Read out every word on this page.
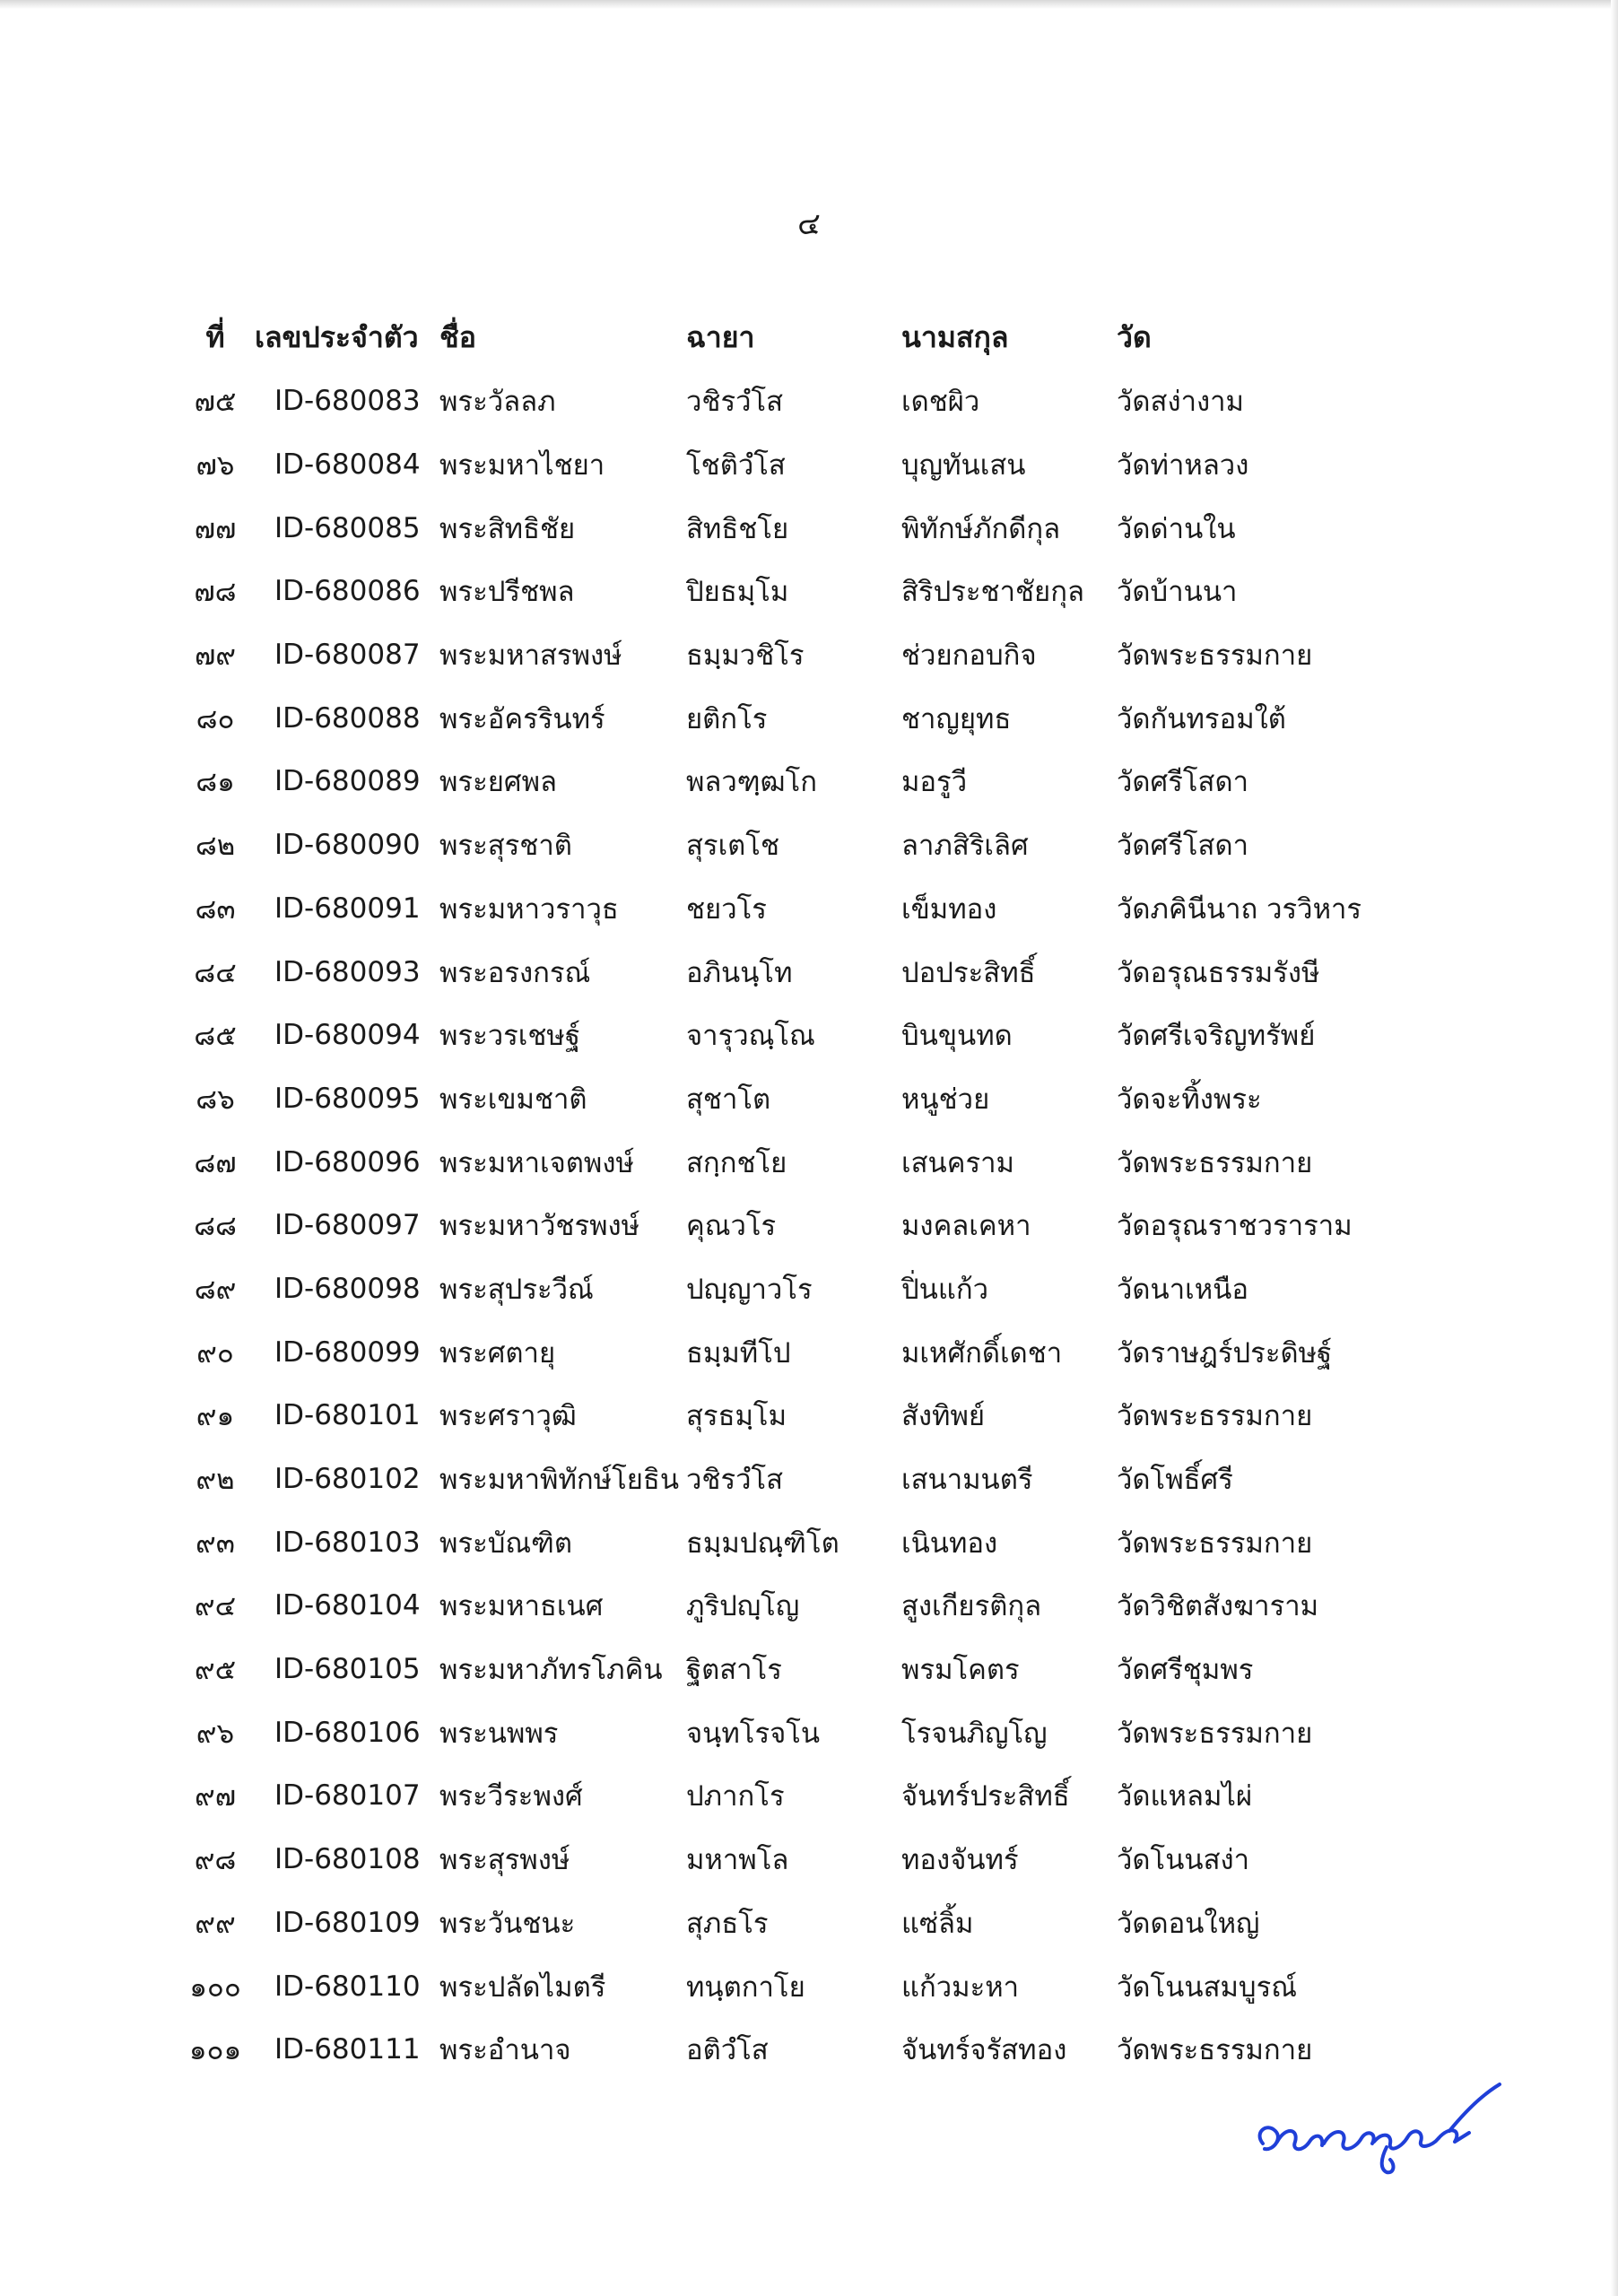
๔
ที่	เลขประจำตัว	ชื่อ	ฉายา	นามสกุล	วัด
๗๕	ID-680083	พระวัลลภ	วชิรวํโส	เดชผิว	วัดสง่างาม
๗๖	ID-680084	พระมหาไชยา	โชติวํโส	บุญทันเสน	วัดท่าหลวง
๗๗	ID-680085	พระสิทธิชัย	สิทธิชโย	พิทักษ์ภักดีกุล	วัดด่านใน
๗๘	ID-680086	พระปรีชพล	ปิยธมฺโม	สิริประชาชัยกุล	วัดบ้านนา
๗๙	ID-680087	พระมหาสรพงษ์	ธมฺมวชิโร	ช่วยกอบกิจ	วัดพระธรรมกาย
๘๐	ID-680088	พระอัครรินทร์	ยติกโร	ชาญยุทธ	วัดกันทรอมใต้
๘๑	ID-680089	พระยศพล	พลวฑฺฒโก	มอรูวี	วัดศรีโสดา
๘๒	ID-680090	พระสุรชาติ	สุรเตโช	ลาภสิริเลิศ	วัดศรีโสดา
๘๓	ID-680091	พระมหาวราวุธ	ชยวโร	เข็มทอง	วัดภคินีนาถ วรวิหาร
๘๔	ID-680093	พระอรงกรณ์	อภินนฺโท	ปอประสิทธิ์	วัดอรุณธรรมรังษี
๘๕	ID-680094	พระวรเชษฐ์	จารุวณฺโณ	บินขุนทด	วัดศรีเจริญทรัพย์
๘๖	ID-680095	พระเขมชาติ	สุชาโต	หนูช่วย	วัดจะทิ้งพระ
๘๗	ID-680096	พระมหาเจตพงษ์	สกฺกชโย	เสนคราม	วัดพระธรรมกาย
๘๘	ID-680097	พระมหาวัชรพงษ์	คุณวโร	มงคลเคหา	วัดอรุณราชวราราม
๘๙	ID-680098	พระสุประวีณ์	ปญฺญาวโร	ปิ่นแก้ว	วัดนาเหนือ
๙๐	ID-680099	พระศตายุ	ธมฺมทีโป	มเหศักดิ์เดชา	วัดราษฎร์ประดิษฐ์
๙๑	ID-680101	พระศราวุฒิ	สุรธมฺโม	สังทิพย์	วัดพระธรรมกาย
๙๒	ID-680102	พระมหาพิทักษ์โยธิน	วชิรวํโส	เสนามนตรี	วัดโพธิ์ศรี
๙๓	ID-680103	พระบัณฑิต	ธมฺมปณฺฑิโต	เนินทอง	วัดพระธรรมกาย
๙๔	ID-680104	พระมหาธเนศ	ภูริปญฺโญ	สูงเกียรติกุล	วัดวิชิตสังฆาราม
๙๕	ID-680105	พระมหาภัทรโภคิน	ฐิตสาโร	พรมโคตร	วัดศรีชุมพร
๙๖	ID-680106	พระนพพร	จนฺทโรจโน	โรจนภิญโญ	วัดพระธรรมกาย
๙๗	ID-680107	พระวีระพงศ์	ปภากโร	จันทร์ประสิทธิ์	วัดแหลมไผ่
๙๘	ID-680108	พระสุรพงษ์	มหาพโล	ทองจันทร์	วัดโนนสง่า
๙๙	ID-680109	พระวันชนะ	สุภธโร	แซ่ลิ้ม	วัดดอนใหญ่
๑๐๐	ID-680110	พระปลัดไมตรี	ทนฺตกาโย	แก้วมะหา	วัดโนนสมบูรณ์
๑๐๑	ID-680111	พระอำนาจ	อติวํโส	จันทร์จรัสทอง	วัดพระธรรมกาย
